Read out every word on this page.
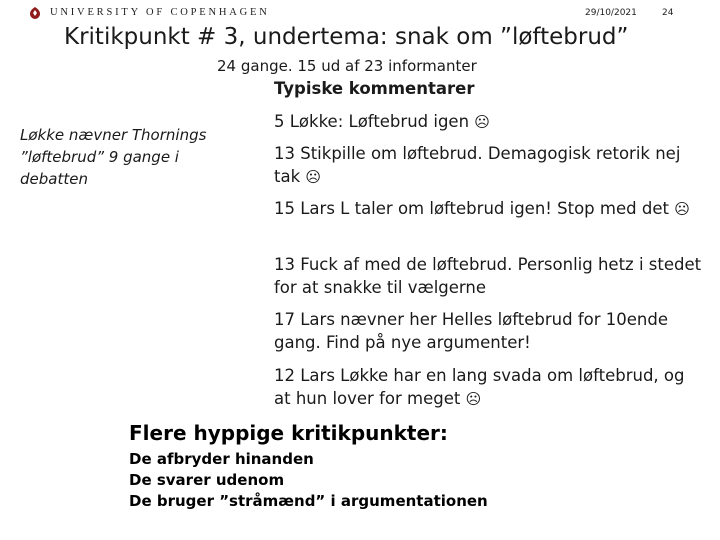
UNIVERSITY OF COPENHAGEN	29/10/2021	24
Kritikpunkt # 3, undertema: snak om ”løftebrud”
24 gange. 15 ud af 23 informanter
Løkke nævner Thornings ”løftebrud” 9 gange i debatten
Typiske kommentarer
5 Løkke: Løftebrud igen ☹
13 Stikpille om løftebrud. Demagogisk retorik nej tak ☹
15 Lars L taler om løftebrud igen! Stop med det ☹
13 Fuck af med de løftebrud. Personlig hetz i stedet for at snakke til vælgerne
17 Lars nævner her Helles løftebrud for 10ende gang. Find på nye argumenter!
12 Lars Løkke har en lang svada om løftebrud, og at hun lover for meget ☹
Flere hyppige kritikpunkter:
De afbryder hinanden
De svarer udenom
De bruger ”stråmænd” i argumentationen
